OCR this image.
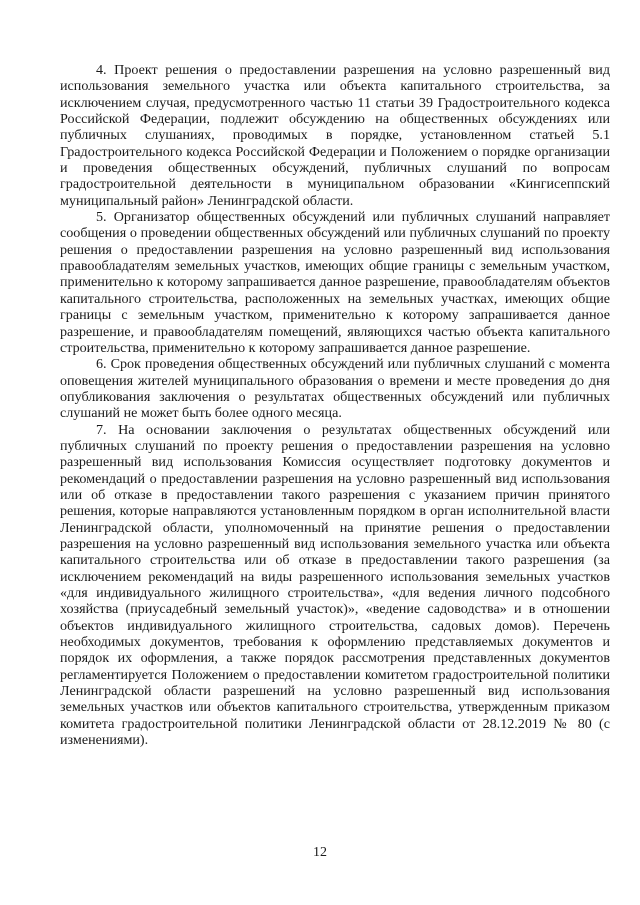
4. Проект решения о предоставлении разрешения на условно разрешенный вид использования земельного участка или объекта капитального строительства, за исключением случая, предусмотренного частью 11 статьи 39 Градостроительного кодекса Российской Федерации, подлежит обсуждению на общественных обсуждениях или публичных слушаниях, проводимых в порядке, установленном статьей 5.1 Градостроительного кодекса Российской Федерации и Положением о порядке организации и проведения общественных обсуждений, публичных слушаний по вопросам градостроительной деятельности в муниципальном образовании «Кингисеппский муниципальный район» Ленинградской области.

5. Организатор общественных обсуждений или публичных слушаний направляет сообщения о проведении общественных обсуждений или публичных слушаний по проекту решения о предоставлении разрешения на условно разрешенный вид использования правообладателям земельных участков, имеющих общие границы с земельным участком, применительно к которому запрашивается данное разрешение, правообладателям объектов капитального строительства, расположенных на земельных участках, имеющих общие границы с земельным участком, применительно к которому запрашивается данное разрешение, и правообладателям помещений, являющихся частью объекта капитального строительства, применительно к которому запрашивается данное разрешение.

6. Срок проведения общественных обсуждений или публичных слушаний с момента оповещения жителей муниципального образования о времени и месте проведения до дня опубликования заключения о результатах общественных обсуждений или публичных слушаний не может быть более одного месяца.

7. На основании заключения о результатах общественных обсуждений или публичных слушаний по проекту решения о предоставлении разрешения на условно разрешенный вид использования Комиссия осуществляет подготовку документов и рекомендаций о предоставлении разрешения на условно разрешенный вид использования или об отказе в предоставлении такого разрешения с указанием причин принятого решения, которые направляются установленным порядком в орган исполнительной власти Ленинградской области, уполномоченный на принятие решения о предоставлении разрешения на условно разрешенный вид использования земельного участка или объекта капитального строительства или об отказе в предоставлении такого разрешения (за исключением рекомендаций на виды разрешенного использования земельных участков «для индивидуального жилищного строительства», «для ведения личного подсобного хозяйства (приусадебный земельный участок)», «ведение садоводства» и в отношении объектов индивидуального жилищного строительства, садовых домов). Перечень необходимых документов, требования к оформлению представляемых документов и порядок их оформления, а также порядок рассмотрения представленных документов регламентируется Положением о предоставлении комитетом градостроительной политики Ленинградской области разрешений на условно разрешенный вид использования земельных участков или объектов капитального строительства, утвержденным приказом комитета градостроительной политики Ленинградской области от 28.12.2019 № 80 (с изменениями).

12
